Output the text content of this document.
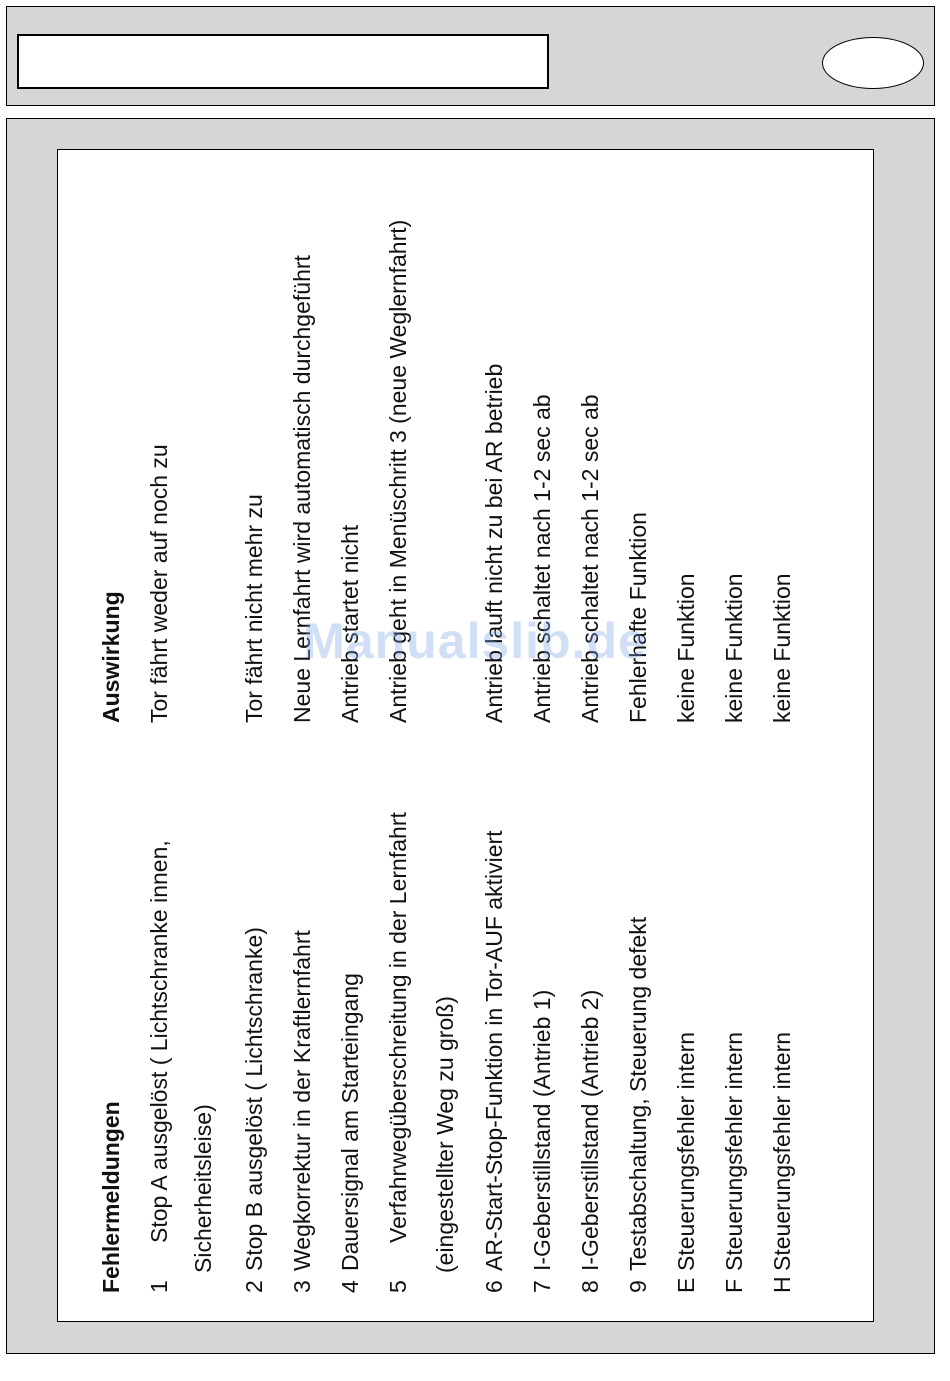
Fehlermeldungen
Auswirkung
1
Stop A ausgelöst ( Lichtschranke innen,
Tor fährt weder auf noch zu
Sicherheitsleise)
2
Stop B ausgelöst ( Lichtschranke)
Tor fährt nicht mehr zu
3
Wegkorrektur in der Kraftlernfahrt
Neue Lernfahrt wird automatisch durchgeführt
4
Dauersignal am Starteingang
Antrieb startet nicht
5
Verfahrwegüberschreitung in der Lernfahrt
Antrieb geht in Menüschritt 3 (neue Weglernfahrt)
(eingestellter Weg zu groß)
6
AR-Start-Stop-Funktion in Tor-AUF aktiviert
Antrieb lauft nicht zu bei AR betrieb
7
I-Geberstillstand (Antrieb 1)
Antrieb schaltet nach 1-2 sec ab
8
I-Geberstillstand (Antrieb 2)
Antrieb schaltet nach 1-2 sec ab
9
Testabschaltung, Steuerung defekt
Fehlerhafte Funktion
E
Steuerungsfehler intern
keine Funktion
F
Steuerungsfehler intern
keine Funktion
H
Steuerungsfehler intern
keine Funktion
Manualslib.de
